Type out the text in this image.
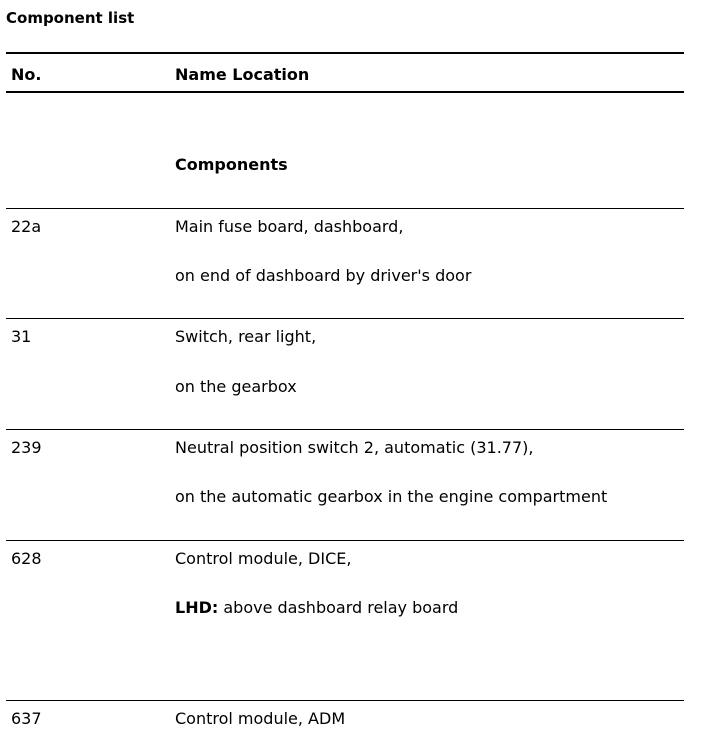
Component list
No.	Name Location
Components
22a	Main fuse board, dashboard,
on end of dashboard by driver's door
31	Switch, rear light,
on the gearbox
239	Neutral position switch 2, automatic (31.77),
on the automatic gearbox in the engine compartment
628	Control module, DICE,
LHD: above dashboard relay board
637	Control module, ADM
